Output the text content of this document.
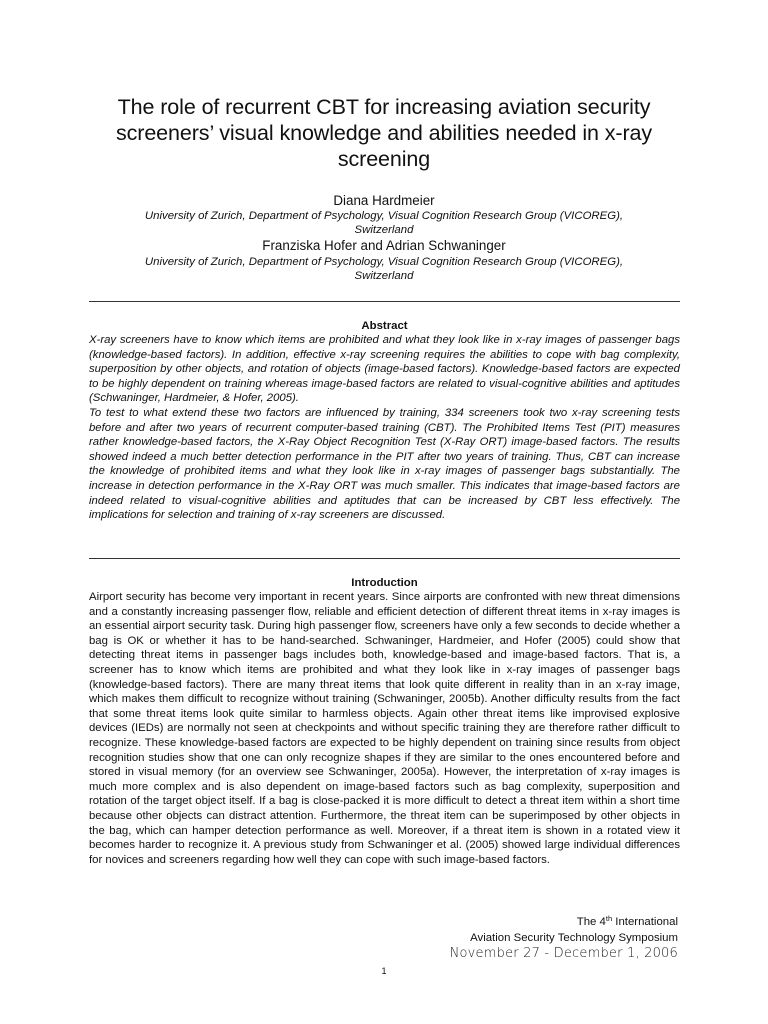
The role of recurrent CBT for increasing aviation security screeners’ visual knowledge and abilities needed in x-ray screening
Diana Hardmeier
University of Zurich, Department of Psychology, Visual Cognition Research Group (VICOREG),
Switzerland
Franziska Hofer and Adrian Schwaninger
University of Zurich, Department of Psychology, Visual Cognition Research Group (VICOREG),
Switzerland
Abstract

X-ray screeners have to know which items are prohibited and what they look like in x-ray images of passenger bags (knowledge-based factors). In addition, effective x-ray screening requires the abilities to cope with bag complexity, superposition by other objects, and rotation of objects (image-based factors). Knowledge-based factors are expected to be highly dependent on training whereas image-based factors are related to visual-cognitive abilities and aptitudes (Schwaninger, Hardmeier, & Hofer, 2005).

To test to what extend these two factors are influenced by training, 334 screeners took two x-ray screening tests before and after two years of recurrent computer-based training (CBT). The Prohibited Items Test (PIT) measures rather knowledge-based factors, the X-Ray Object Recognition Test (X-Ray ORT) image-based factors. The results showed indeed a much better detection performance in the PIT after two years of training. Thus, CBT can increase the knowledge of prohibited items and what they look like in x-ray images of passenger bags substantially. The increase in detection performance in the X-Ray ORT was much smaller. This indicates that image-based factors are indeed related to visual-cognitive abilities and aptitudes that can be increased by CBT less effectively. The implications for selection and training of x-ray screeners are discussed.

Introduction

Airport security has become very important in recent years. Since airports are confronted with new threat dimensions and a constantly increasing passenger flow, reliable and efficient detection of different threat items in x-ray images is an essential airport security task. During high passenger flow, screeners have only a few seconds to decide whether a bag is OK or whether it has to be hand-searched. Schwaninger, Hardmeier, and Hofer (2005) could show that detecting threat items in passenger bags includes both, knowledge-based and image-based factors. That is, a screener has to know which items are prohibited and what they look like in x-ray images of passenger bags (knowledge-based factors). There are many threat items that look quite different in reality than in an x-ray image, which makes them difficult to recognize without training (Schwaninger, 2005b). Another difficulty results from the fact that some threat items look quite similar to harmless objects. Again other threat items like improvised explosive devices (IEDs) are normally not seen at checkpoints and without specific training they are therefore rather difficult to recognize. These knowledge-based factors are expected to be highly dependent on training since results from object recognition studies show that one can only recognize shapes if they are similar to the ones encountered before and stored in visual memory (for an overview see Schwaninger, 2005a). However, the interpretation of x-ray images is much more complex and is also dependent on image-based factors such as bag complexity, superposition and rotation of the target object itself. If a bag is close-packed it is more difficult to detect a threat item within a short time because other objects can distract attention. Furthermore, the threat item can be superimposed by other objects in the bag, which can hamper detection performance as well. Moreover, if a threat item is shown in a rotated view it becomes harder to recognize it. A previous study from Schwaninger et al. (2005) showed large individual differences for novices and screeners regarding how well they can cope with such image-based factors.

The 4th International
Aviation Security Technology Symposium
November 27 - December 1, 2006
1
